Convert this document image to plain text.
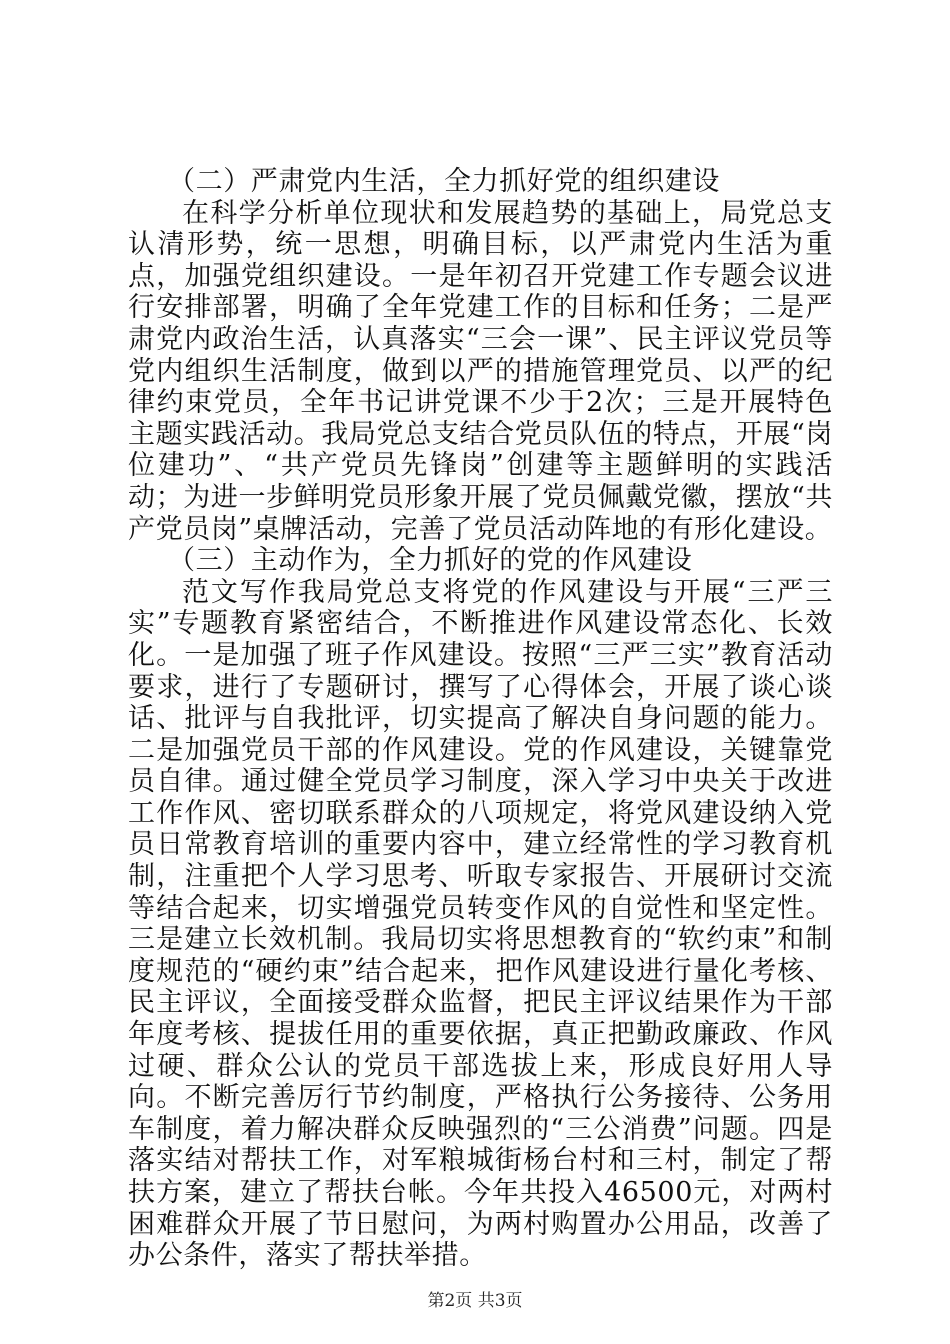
（二）严肃党内生活，全力抓好党的组织建设

在科学分析单位现状和发展趋势的基础上，局党总支认清形势，统一思想，明确目标，以严肃党内生活为重点，加强党组织建设。一是年初召开党建工作专题会议进行安排部署，明确了全年党建工作的目标和任务；二是严肃党内政治生活，认真落实“三会一课”、民主评议党员等党内组织生活制度，做到以严的措施管理党员、以严的纪律约束党员，全年书记讲党课不少于2次；三是开展特色主题实践活动。我局党总支结合党员队伍的特点，开展“岗位建功”、“共产党员先锋岗”创建等主题鲜明的实践活动；为进一步鲜明党员形象开展了党员佩戴党徽，摆放“共产党员岗”桌牌活动，完善了党员活动阵地的有形化建设。

（三）主动作为，全力抓好的党的作风建设

范文写作我局党总支将党的作风建设与开展“三严三实”专题教育紧密结合，不断推进作风建设常态化、长效化。一是加强了班子作风建设。按照“三严三实”教育活动要求，进行了专题研讨，撰写了心得体会，开展了谈心谈话、批评与自我批评，切实提高了解决自身问题的能力。二是加强党员干部的作风建设。党的作风建设，关键靠党员自律。通过健全党员学习制度，深入学习中央关于改进工作作风、密切联系群众的八项规定，将党风建设纳入党员日常教育培训的重要内容中，建立经常性的学习教育机制，注重把个人学习思考、听取专家报告、开展研讨交流等结合起来，切实增强党员转变作风的自觉性和坚定性。三是建立长效机制。我局切实将思想教育的“软约束”和制度规范的“硬约束”结合起来，把作风建设进行量化考核、民主评议，全面接受群众监督，把民主评议结果作为干部年度考核、提拔任用的重要依据，真正把勤政廉政、作风过硬、群众公认的党员干部选拔上来，形成良好用人导向。不断完善厉行节约制度，严格执行公务接待、公务用车制度，着力解决群众反映强烈的“三公消费”问题。四是落实结对帮扶工作，对军粮城街杨台村和三村，制定了帮扶方案，建立了帮扶台帐。今年共投入46500元，对两村困难群众开展了节日慰问，为两村购置办公用品，改善了办公条件，落实了帮扶举措。

第2页 共3页
